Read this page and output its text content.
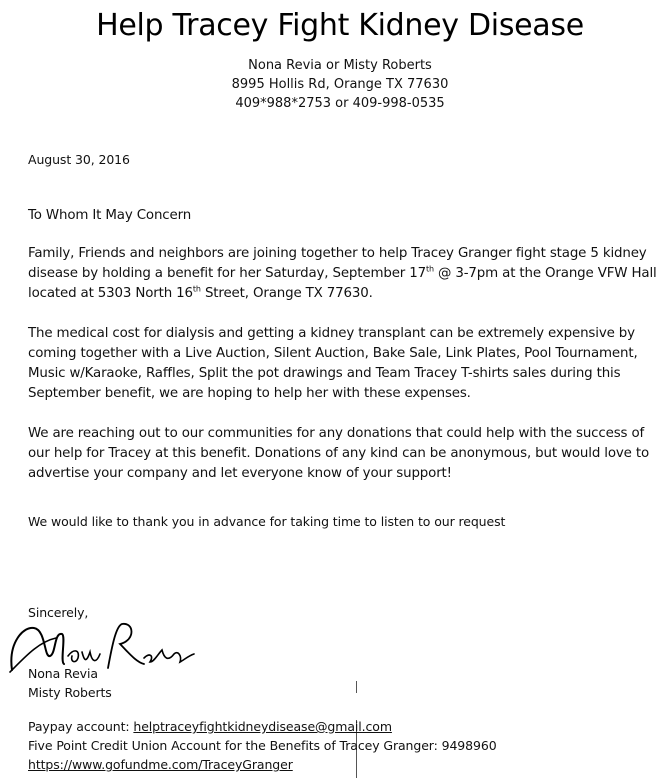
Help Tracey Fight Kidney Disease
Nona Revia or Misty Roberts
8995 Hollis Rd, Orange TX 77630
409*988*2753 or 409-998-0535
August 30, 2016
To Whom It May Concern
Family, Friends and neighbors are joining together to help Tracey Granger fight stage 5 kidney
disease by holding a benefit for her Saturday, September 17th @ 3-7pm at the Orange VFW Hall
located at 5303 North 16th Street, Orange TX 77630.
The medical cost for dialysis and getting a kidney transplant can be extremely expensive by
coming together with a Live Auction, Silent Auction, Bake Sale, Link Plates, Pool Tournament,
Music w/Karaoke, Raffles, Split the pot drawings and Team Tracey T-shirts sales during this
September benefit, we are hoping to help her with these expenses.
We are reaching out to our communities for any donations that could help with the success of
our help for Tracey at this benefit. Donations of any kind can be anonymous, but would love to
advertise your company and let everyone know of your support!
We would like to thank you in advance for taking time to listen to our request
Sincerely,
Nona Revia
Misty Roberts
Paypay account: helptraceyfightkidneydisease@gmail.com
Five Point Credit Union Account for the Benefits of Tracey Granger: 9498960
https://www.gofundme.com/TraceyGranger
